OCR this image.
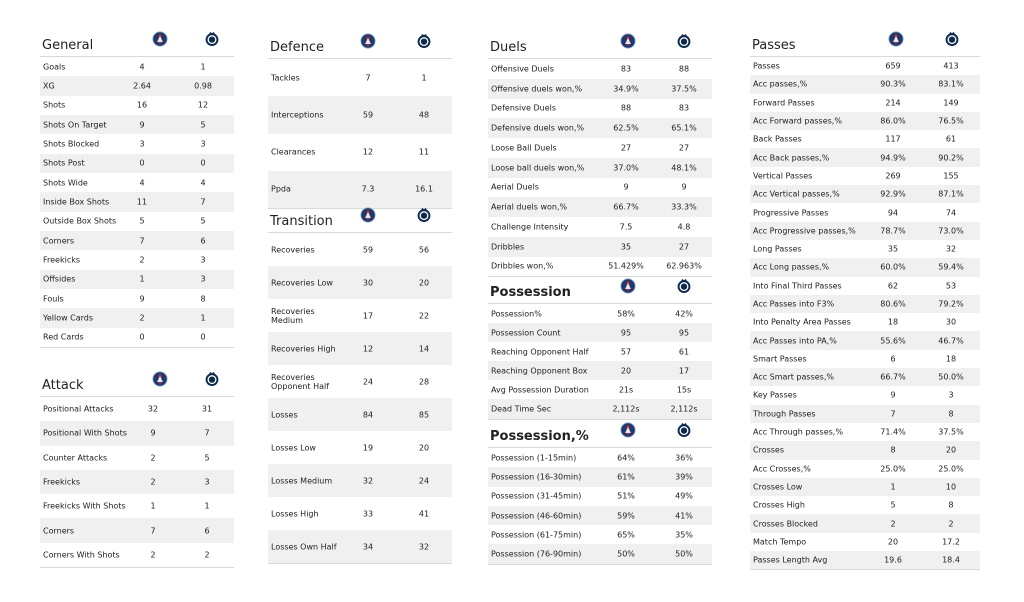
General
Goals	4	1
XG	2.64	0.98
Shots	16	12
Shots On Target	9	5
Shots Blocked	3	3
Shots Post	0	0
Shots Wide	4	4
Inside Box Shots	11	7
Outside Box Shots	5	5
Corners	7	6
Freekicks	2	3
Offsides	1	3
Fouls	9	8
Yellow Cards	2	1
Red Cards	0	0
Attack
Positional Attacks	32	31
Positional With Shots	9	7
Counter Attacks	2	5
Freekicks	2	3
Freekicks With Shots	1	1
Corners	7	6
Corners With Shots	2	2
Defence
Tackles	7	1
Interceptions	59	48
Clearances	12	11
Ppda	7.3	16.1
Transition
Recoveries	59	56
Recoveries Low	30	20
Recoveries Medium	17	22
Recoveries High	12	14
Recoveries Opponent Half	24	28
Losses	84	85
Losses Low	19	20
Losses Medium	32	24
Losses High	33	41
Losses Own Half	34	32
Duels
Offensive Duels	83	88
Offensive duels won,%	34.9%	37.5%
Defensive Duels	88	83
Defensive duels won,%	62.5%	65.1%
Loose Ball Duels	27	27
Loose ball duels won,%	37.0%	48.1%
Aerial Duels	9	9
Aerial duels won,%	66.7%	33.3%
Challenge Intensity	7.5	4.8
Dribbles	35	27
Dribbles won,%	51.429%	62.963%
Possession
Possession%	58%	42%
Possession Count	95	95
Reaching Opponent Half	57	61
Reaching Opponent Box	20	17
Avg Possession Duration	21s	15s
Dead Time Sec	2,112s	2,112s
Possession,%
Possession (1-15min)	64%	36%
Possession (16-30min)	61%	39%
Possession (31-45min)	51%	49%
Possession (46-60min)	59%	41%
Possession (61-75min)	65%	35%
Possession (76-90min)	50%	50%
Passes
Passes	659	413
Acc passes,%	90.3%	83.1%
Forward Passes	214	149
Acc Forward passes,%	86.0%	76.5%
Back Passes	117	61
Acc Back passes,%	94.9%	90.2%
Vertical Passes	269	155
Acc Vertical passes,%	92.9%	87.1%
Progressive Passes	94	74
Acc Progressive passes,%	78.7%	73.0%
Long Passes	35	32
Acc Long passes,%	60.0%	59.4%
Into Final Third Passes	62	53
Acc Passes into F3%	80.6%	79.2%
Into Penalty Area Passes	18	30
Acc Passes into PA,%	55.6%	46.7%
Smart Passes	6	18
Acc Smart passes,%	66.7%	50.0%
Key Passes	9	3
Through Passes	7	8
Acc Through passes,%	71.4%	37.5%
Crosses	8	20
Acc Crosses,%	25.0%	25.0%
Crosses Low	1	10
Crosses High	5	8
Crosses Blocked	2	2
Match Tempo	20	17.2
Passes Length Avg	19.6	18.4
